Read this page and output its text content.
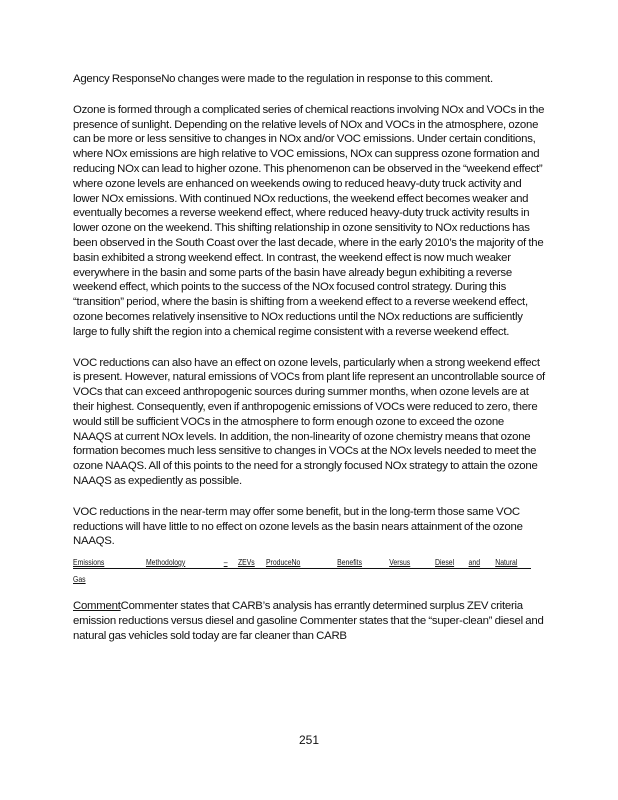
Agency ResponseNo changes were made to the regulation in response to this comment.

Ozone is formed through a complicated series of chemical reactions involving NOx and VOCs in the presence of sunlight. Depending on the relative levels of NOx and VOCs in the atmosphere, ozone can be more or less sensitive to changes in NOx and/or VOC emissions. Under certain conditions, where NOx emissions are high relative to VOC emissions, NOx can suppress ozone formation and reducing NOx can lead to higher ozone. This phenomenon can be observed in the “weekend effect” where ozone levels are enhanced on weekends owing to reduced heavy-duty truck activity and lower NOx emissions. With continued NOx reductions, the weekend effect becomes weaker and eventually becomes a reverse weekend effect, where reduced heavy-duty truck activity results in lower ozone on the weekend. This shifting relationship in ozone sensitivity to NOx reductions has been observed in the South Coast over the last decade, where in the early 2010’s the majority of the basin exhibited a strong weekend effect. In contrast, the weekend effect is now much weaker everywhere in the basin and some parts of the basin have already begun exhibiting a reverse weekend effect, which points to the success of the NOx focused control strategy. During this “transition” period, where the basin is shifting from a weekend effect to a reverse weekend effect, ozone becomes relatively insensitive to NOx reductions until the NOx reductions are sufficiently large to fully shift the region into a chemical regime consistent with a reverse weekend effect.

VOC reductions can also have an effect on ozone levels, particularly when a strong weekend effect is present. However, natural emissions of VOCs from plant life represent an uncontrollable source of VOCs that can exceed anthropogenic sources during summer months, when ozone levels are at their highest. Consequently, even if anthropogenic emissions of VOCs were reduced to zero, there would still be sufficient VOCs in the atmosphere to form enough ozone to exceed the ozone NAAQS at current NOx levels. In addition, the non-linearity of ozone chemistry means that ozone formation becomes much less sensitive to changes in VOCs at the NOx levels needed to meet the ozone NAAQS. All of this points to the need for a strongly focused NOx strategy to attain the ozone NAAQS as expediently as possible.

VOC reductions in the near-term may offer some benefit, but in the long-term those same VOC reductions will have little to no effect on ozone levels as the basin nears attainment of the ozone NAAQS.

Emissions	Methodology	– ZEVs Produce No	Benefits	Versus	Diesel and Natural
Gas

CommentCommenter states that CARB’s analysis has errantly determined surplus ZEV criteria emission reductions versus diesel and gasoline Commenter states that the “super-clean” diesel and natural gas vehicles sold today are far cleaner than CARB

251
